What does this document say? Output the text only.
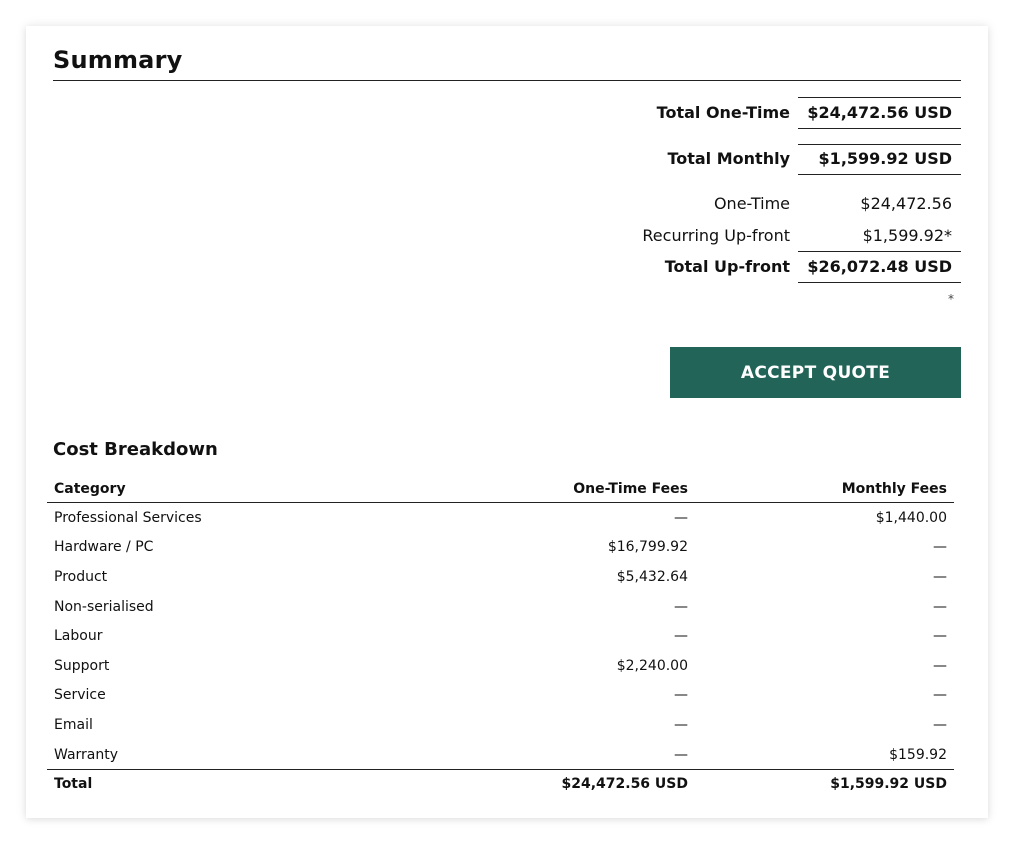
Summary
Total One-Time	$24,472.56 USD
Total Monthly	$1,599.92 USD
One-Time	$24,472.56
Recurring Up-front	$1,599.92*
Total Up-front	$26,072.48 USD
*
ACCEPT QUOTE
Cost Breakdown
Category	One-Time Fees	Monthly Fees
Professional Services	—	$1,440.00
Hardware / PC	$16,799.92	—
Product	$5,432.64	—
Non-serialised	—	—
Labour	—	—
Support	$2,240.00	—
Service	—	—
Email	—	—
Warranty	—	$159.92
Total	$24,472.56 USD	$1,599.92 USD
